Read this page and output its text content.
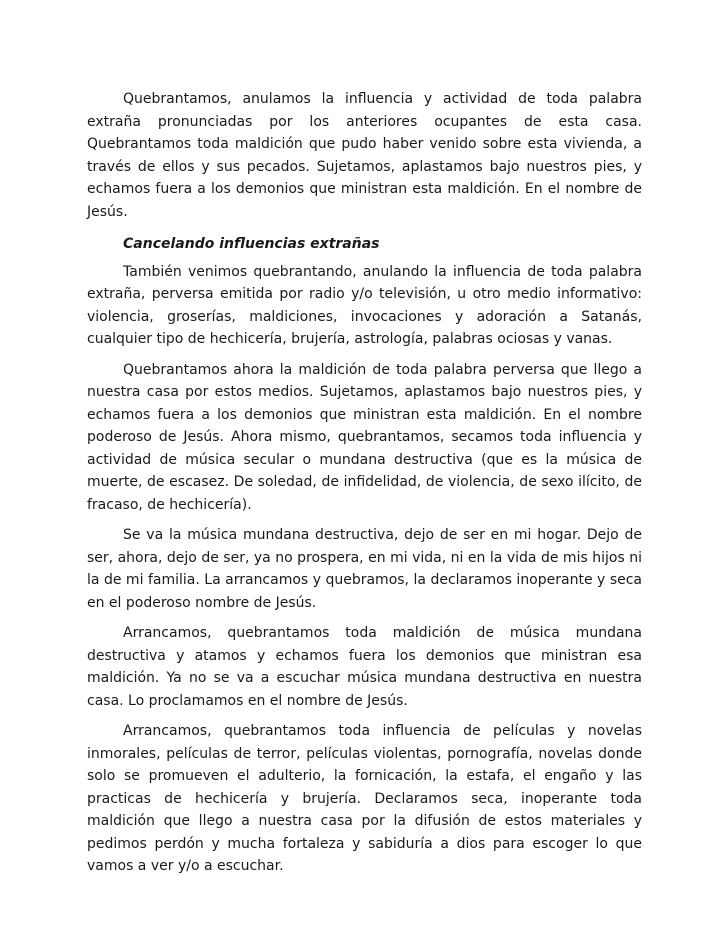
Quebrantamos, anulamos la influencia y actividad de toda palabra extraña pronunciadas por los anteriores ocupantes de esta casa. Quebrantamos toda maldición que pudo haber venido sobre esta vivienda, a través de ellos y sus pecados. Sujetamos, aplastamos bajo nuestros pies, y echamos fuera a los demonios que ministran esta maldición. En el nombre de Jesús.

Cancelando influencias extrañas

También venimos quebrantando, anulando la influencia de toda palabra extraña, perversa emitida por radio y/o televisión, u otro medio informativo: violencia, groserías, maldiciones, invocaciones y adoración a Satanás, cualquier tipo de hechicería, brujería, astrología, palabras ociosas y vanas.

Quebrantamos ahora la maldición de toda palabra perversa que llego a nuestra casa por estos medios. Sujetamos, aplastamos bajo nuestros pies, y echamos fuera a los demonios que ministran esta maldición. En el nombre poderoso de Jesús. Ahora mismo, quebrantamos, secamos toda influencia y actividad de música secular o mundana destructiva (que es la música de muerte, de escasez. De soledad, de infidelidad, de violencia, de sexo ilícito, de fracaso, de hechicería).

Se va la música mundana destructiva, dejo de ser en mi hogar. Dejo de ser, ahora, dejo de ser, ya no prospera, en mi vida, ni en la vida de mis hijos ni la de mi familia. La arrancamos y quebramos, la declaramos inoperante y seca en el poderoso nombre de Jesús.

Arrancamos, quebrantamos toda maldición de música mundana destructiva y atamos y echamos fuera los demonios que ministran esa maldición. Ya no se va a escuchar música mundana destructiva en nuestra casa. Lo proclamamos en el nombre de Jesús.

Arrancamos, quebrantamos toda influencia de películas y novelas inmorales, películas de terror, películas violentas, pornografía, novelas donde solo se promueven el adulterio, la fornicación, la estafa, el engaño y las practicas de hechicería y brujería. Declaramos seca, inoperante toda maldición que llego a nuestra casa por la difusión de estos materiales y pedimos perdón y mucha fortaleza y sabiduría a dios para escoger lo que vamos a ver y/o a escuchar.
